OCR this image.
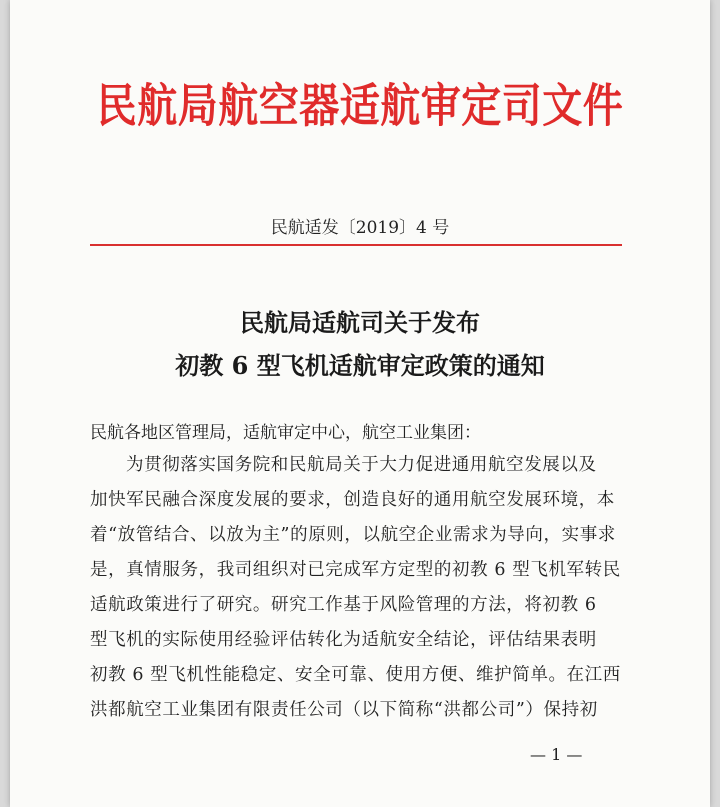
民航局航空器适航审定司文件
民航适发〔2019〕4 号
民航局适航司关于发布
初教 6 型飞机适航审定政策的通知
民航各地区管理局，适航审定中心，航空工业集团：

为贯彻落实国务院和民航局关于大力促进通用航空发展以及
加快军民融合深度发展的要求，创造良好的通用航空发展环境，本
着“放管结合、以放为主”的原则，以航空企业需求为导向，实事求
是，真情服务，我司组织对已完成军方定型的初教 6 型飞机军转民
适航政策进行了研究。研究工作基于风险管理的方法，将初教 6
型飞机的实际使用经验评估转化为适航安全结论，评估结果表明
初教 6 型飞机性能稳定、安全可靠、使用方便、维护简单。在江西
洪都航空工业集团有限责任公司（以下简称“洪都公司”）保持初

— 1 —
